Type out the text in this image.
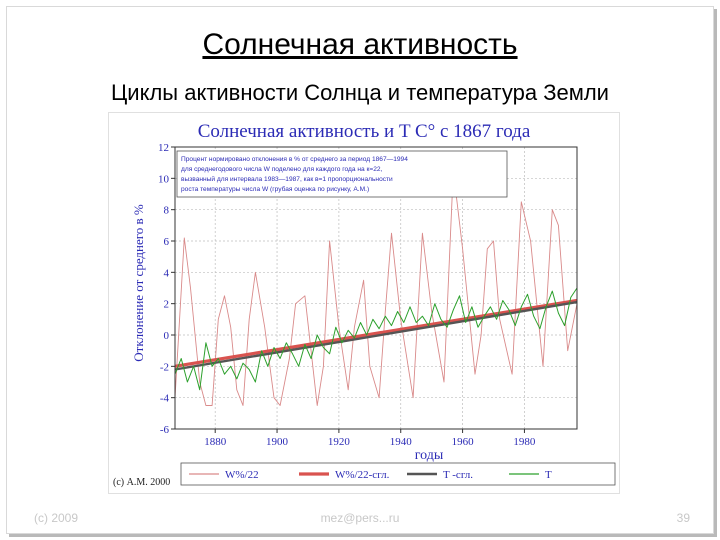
Солнечная активность
Циклы активности Солнца и температура Земли
Солнечная активность и T С° с 1867 года
Отклонение от среднего в %
годы
-6
-4
-2
0
2
4
6
8
10
12
1880	1900	1920	1940	1960	1980
Процент нормировано отклонения в % от среднего за период 1867—1994
для среднегодового числа W поделено для каждого года на к=22,
вызванный для интервала 1983—1987, как в=1 пропорциональности
роста температуры числа W (грубая оценка по рисунку, А.М.)
W%/22	W%/22-сгл.	T -сгл.	T
(c) А.М. 2000
(c) 2009	mez@pers...ru	39
